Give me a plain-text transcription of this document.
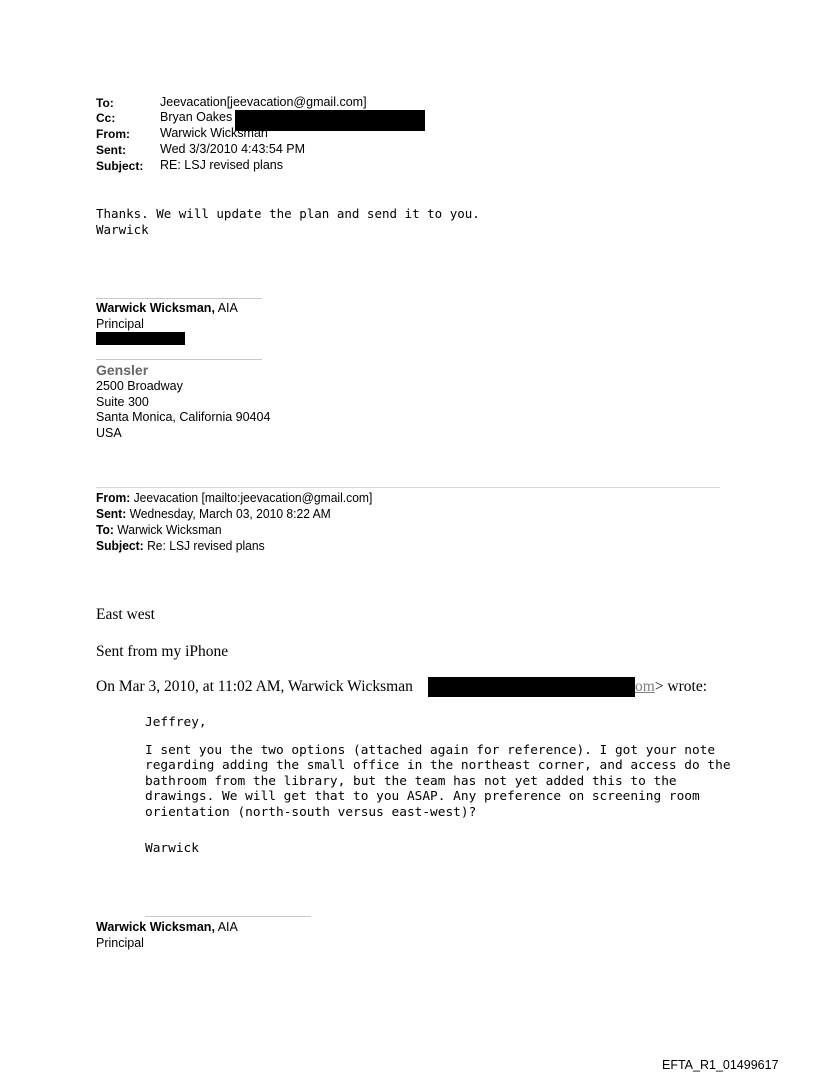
To:	Jeevacation[jeevacation@gmail.com]
Cc:	Bryan Oakes
From: Warwick Wicksman
Sent:	Wed 3/3/2010 4:43:54 PM
Subject: RE: LSJ revised plans
Thanks. We will update the plan and send it to you.
Warwick
Warwick Wicksman, AIA
Principal
Gensler
2500 Broadway
Suite 300
Santa Monica, California 90404
USA
From: Jeevacation [mailto:jeevacation@gmail.com]
Sent: Wednesday, March 03, 2010 8:22 AM
To: Warwick Wicksman
Subject: Re: LSJ revised plans
East west
Sent from my iPhone
On Mar 3, 2010, at 11:02 AM, Warwick Wicksman	om> wrote:
Jeffrey,
I sent you the two options (attached again for reference). I got your note
regarding adding the small office in the northeast corner, and access do the
bathroom from the library, but the team has not yet added this to the
drawings. We will get that to you ASAP. Any preference on screening room
orientation (north-south versus east-west)?
Warwick
Warwick Wicksman, AIA
Principal
EFTA_R1_01499617
